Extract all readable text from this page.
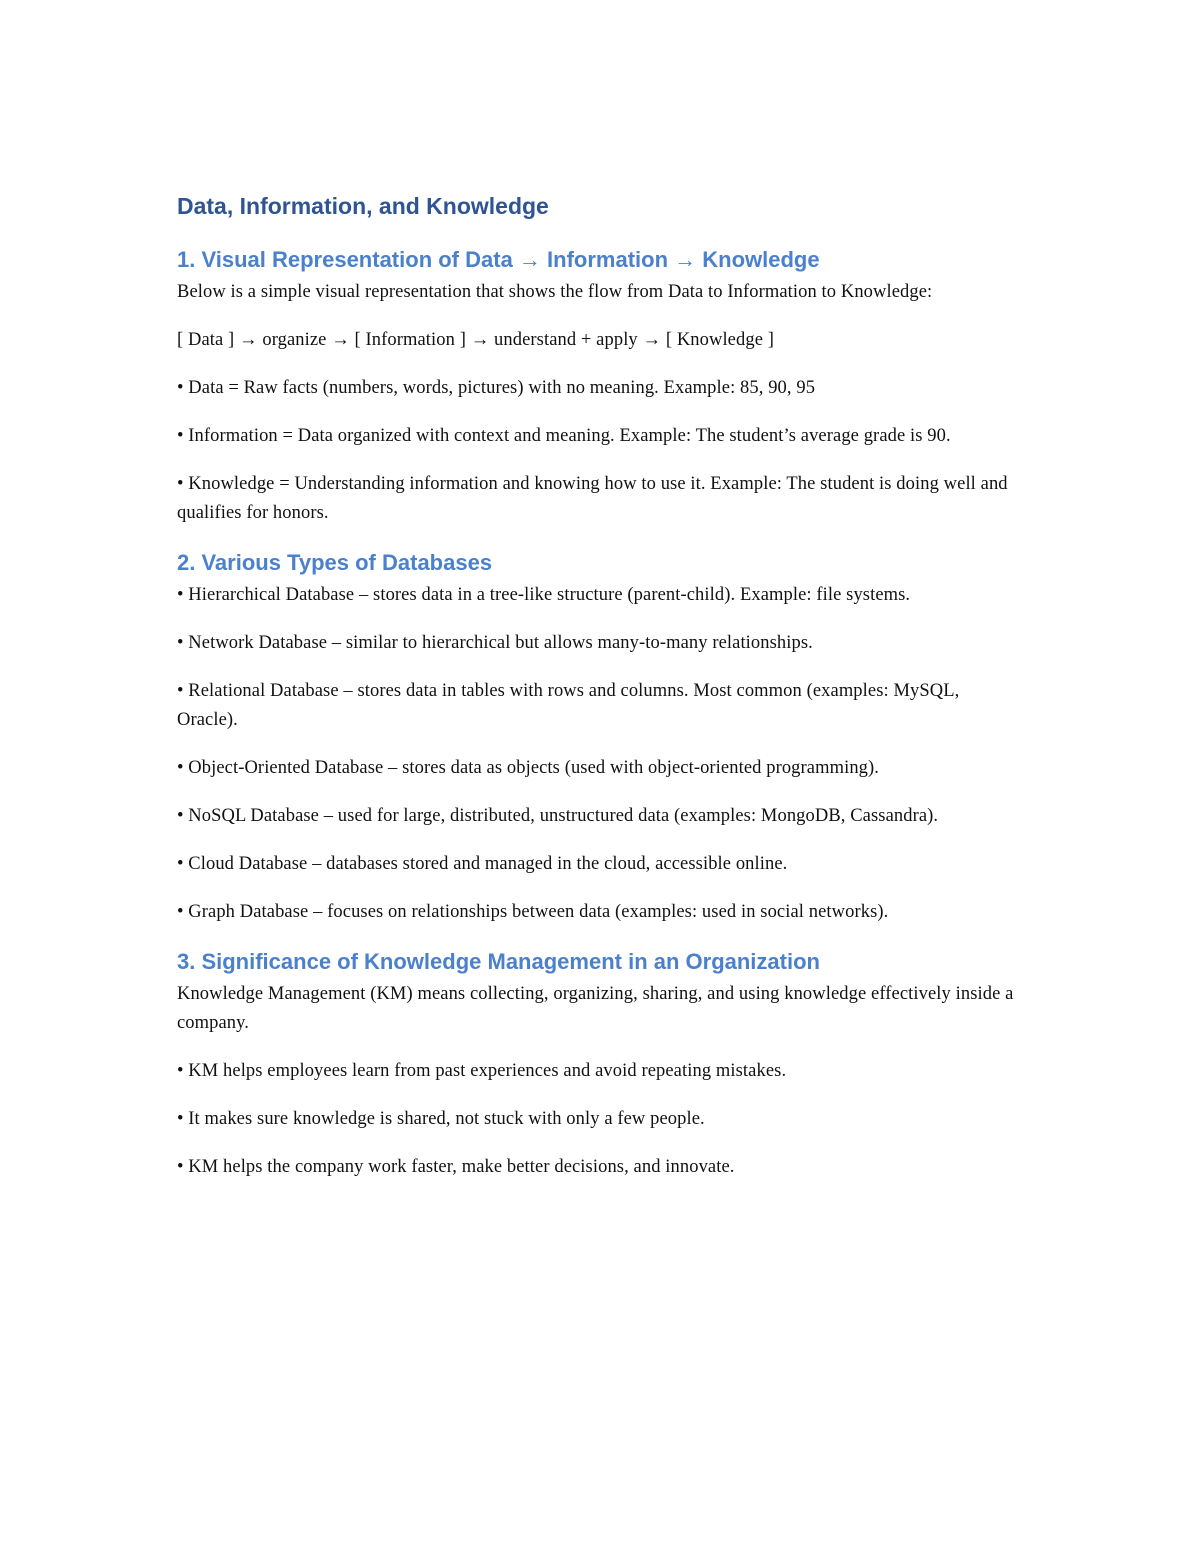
Data, Information, and Knowledge
1. Visual Representation of Data → Information → Knowledge

Below is a simple visual representation that shows the flow from Data to Information to Knowledge:

[ Data ] → organize → [ Information ] → understand + apply → [ Knowledge ]

• Data = Raw facts (numbers, words, pictures) with no meaning. Example: 85, 90, 95

• Information = Data organized with context and meaning. Example: The student’s average grade is 90.

• Knowledge = Understanding information and knowing how to use it. Example: The student is doing well and qualifies for honors.

2. Various Types of Databases

• Hierarchical Database – stores data in a tree-like structure (parent-child). Example: file systems.

• Network Database – similar to hierarchical but allows many-to-many relationships.

• Relational Database – stores data in tables with rows and columns. Most common (examples: MySQL, Oracle).

• Object-Oriented Database – stores data as objects (used with object-oriented programming).

• NoSQL Database – used for large, distributed, unstructured data (examples: MongoDB, Cassandra).

• Cloud Database – databases stored and managed in the cloud, accessible online.

• Graph Database – focuses on relationships between data (examples: used in social networks).

3. Significance of Knowledge Management in an Organization

Knowledge Management (KM) means collecting, organizing, sharing, and using knowledge effectively inside a company.

• KM helps employees learn from past experiences and avoid repeating mistakes.

• It makes sure knowledge is shared, not stuck with only a few people.

• KM helps the company work faster, make better decisions, and innovate.
